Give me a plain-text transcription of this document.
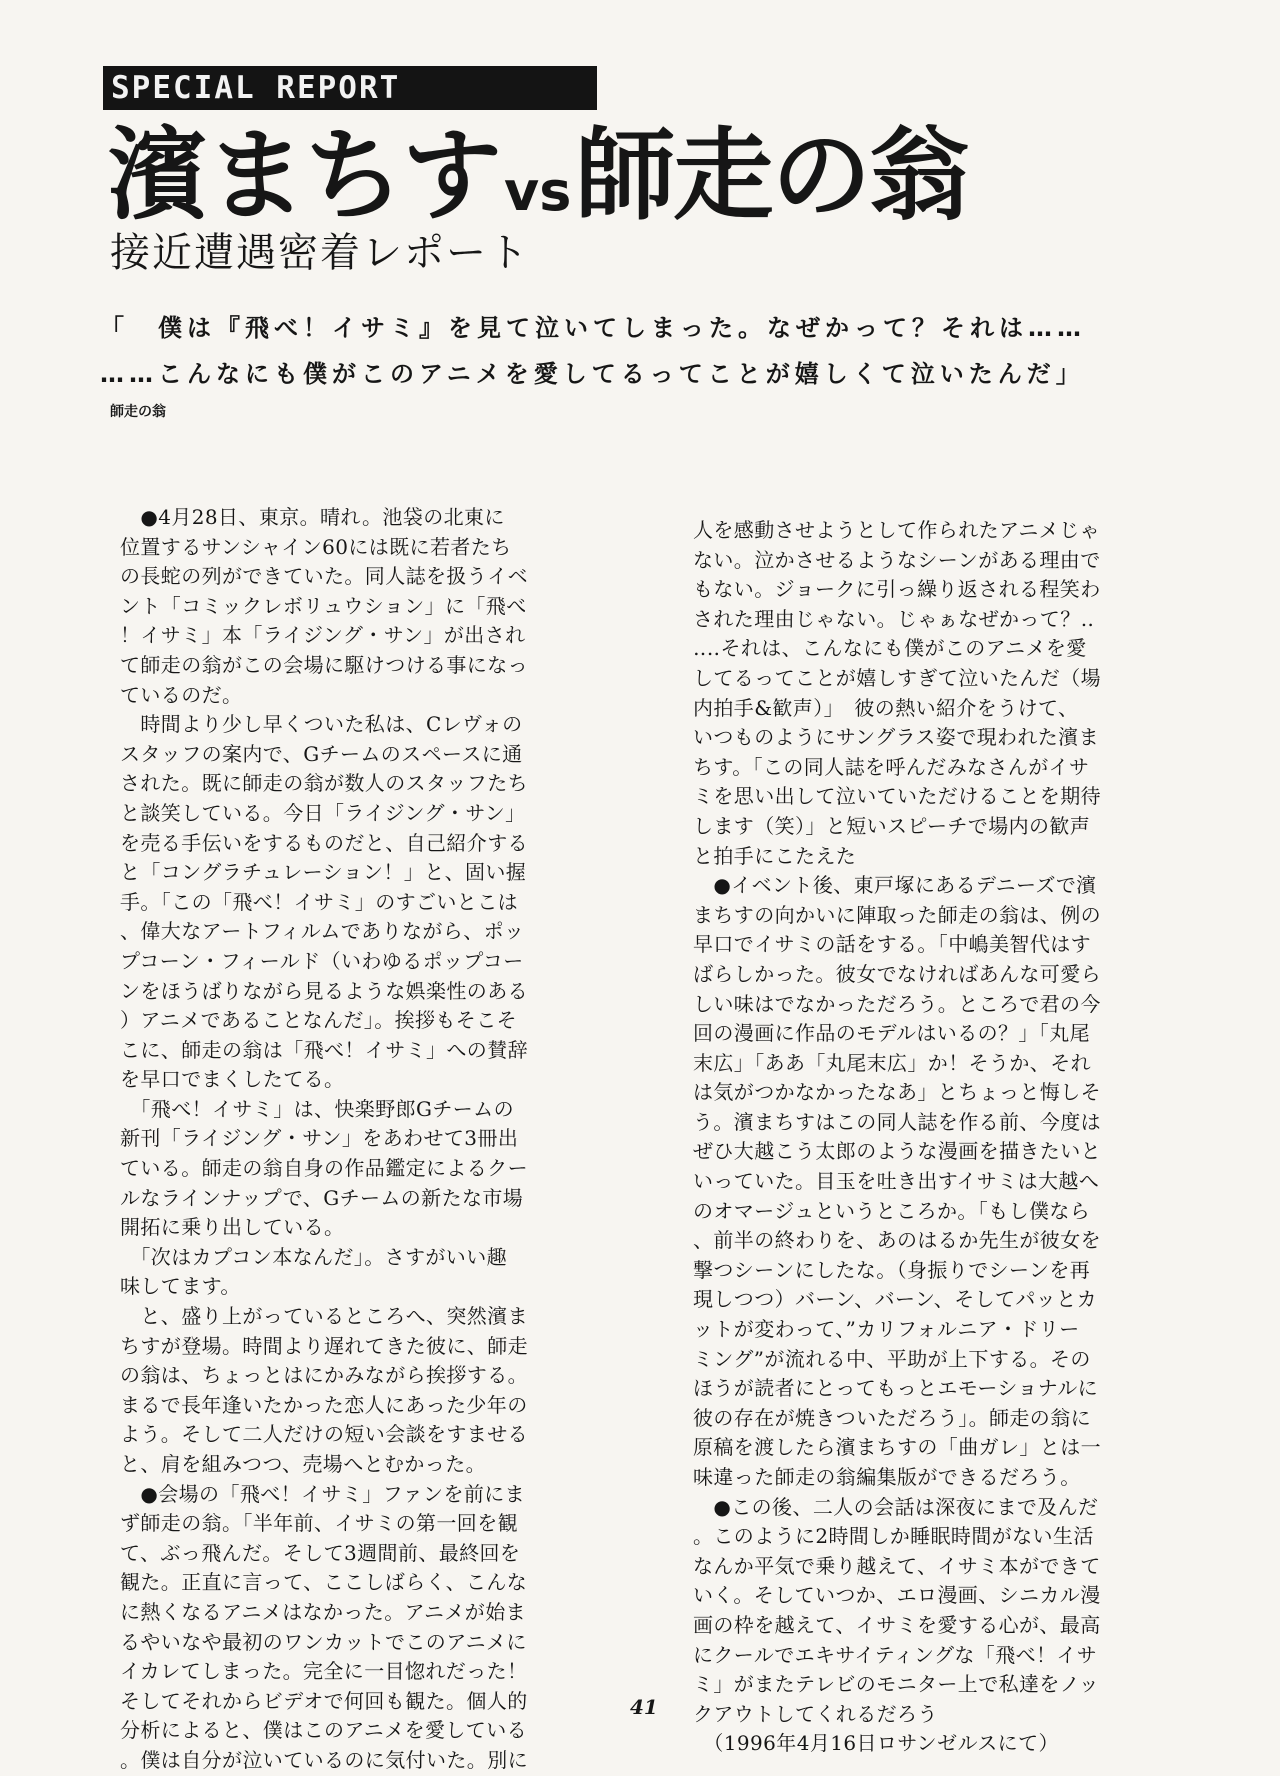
SPECIAL REPORT
濱まちすvs師走の翁
接近遭遇密着レポート
「　僕は『飛べ！イサミ』を見て泣いてしまった。なぜかって？それは……
……こんなにも僕がこのアニメを愛してるってことが嬉しくて泣いたんだ」
師走の翁
　●4月28日、東京。晴れ。池袋の北東に
位置するサンシャイン60には既に若者たち
の長蛇の列ができていた。同人誌を扱うイベ
ント「コミックレボリュウション」に「飛べ
！イサミ」本「ライジング・サン」が出され
て師走の翁がこの会場に駆けつける事になっ
ているのだ。
　時間より少し早くついた私は、Cレヴォの
スタッフの案内で、Gチームのスペースに通
された。既に師走の翁が数人のスタッフたち
と談笑している。今日「ライジング・サン」
を売る手伝いをするものだと、自己紹介する
と「コングラチュレーション！」と、固い握
手。「この「飛べ！イサミ」のすごいとこは
、偉大なアートフィルムでありながら、ポッ
プコーン・フィールド（いわゆるポップコー
ンをほうばりながら見るような娯楽性のある
）アニメであることなんだ」。挨拶もそこそ
こに、師走の翁は「飛べ！イサミ」への賛辞
を早口でまくしたてる。
　「飛べ！イサミ」は、快楽野郎Gチームの
新刊「ライジング・サン」をあわせて3冊出
ている。師走の翁自身の作品鑑定によるクー
ルなラインナップで、Gチームの新たな市場
開拓に乗り出している。
　「次はカプコン本なんだ」。さすがいい趣
味してます。
　と、盛り上がっているところへ、突然濱ま
ちすが登場。時間より遅れてきた彼に、師走
の翁は、ちょっとはにかみながら挨拶する。
まるで長年逢いたかった恋人にあった少年の
よう。そして二人だけの短い会談をすませる
と、肩を組みつつ、売場へとむかった。
　●会場の「飛べ！イサミ」ファンを前にま
ず師走の翁。「半年前、イサミの第一回を観
て、ぶっ飛んだ。そして3週間前、最終回を
観た。正直に言って、ここしばらく、こんな
に熱くなるアニメはなかった。アニメが始ま
るやいなや最初のワンカットでこのアニメに
イカレてしまった。完全に一目惚れだった！
そしてそれからビデオで何回も観た。個人的
分析によると、僕はこのアニメを愛している
。僕は自分が泣いているのに気付いた。別に
人を感動させようとして作られたアニメじゃ
ない。泣かさせるようなシーンがある理由で
もない。ジョークに引っ繰り返される程笑わ
された理由じゃない。じゃぁなぜかって？‥
‥‥それは、こんなにも僕がこのアニメを愛
してるってことが嬉しすぎて泣いたんだ（場
内拍手&歓声）」　彼の熱い紹介をうけて、
いつものようにサングラス姿で現われた濱ま
ちす。「この同人誌を呼んだみなさんがイサ
ミを思い出して泣いていただけることを期待
します（笑）」と短いスピーチで場内の歓声
と拍手にこたえた
　●イベント後、東戸塚にあるデニーズで濱
まちすの向かいに陣取った師走の翁は、例の
早口でイサミの話をする。「中嶋美智代はす
ばらしかった。彼女でなければあんな可愛ら
しい味はでなかっただろう。ところで君の今
回の漫画に作品のモデルはいるの？」「丸尾
末広」「ああ「丸尾末広」か！そうか、それ
は気がつかなかったなあ」とちょっと悔しそ
う。濱まちすはこの同人誌を作る前、今度は
ぜひ大越こう太郎のような漫画を描きたいと
いっていた。目玉を吐き出すイサミは大越へ
のオマージュというところか。「もし僕なら
、前半の終わりを、あのはるか先生が彼女を
撃つシーンにしたな。（身振りでシーンを再
現しつつ）バーン、バーン、そしてパッとカ
ットが変わって、”カリフォルニア・ドリー
ミング”が流れる中、平助が上下する。その
ほうが読者にとってもっとエモーショナルに
彼の存在が焼きついただろう」。師走の翁に
原稿を渡したら濱まちすの「曲ガレ」とは一
味違った師走の翁編集版ができるだろう。
　●この後、二人の会話は深夜にまで及んだ
。このように2時間しか睡眠時間がない生活
なんか平気で乗り越えて、イサミ本ができて
いく。そしていつか、エロ漫画、シニカル漫
画の枠を越えて、イサミを愛する心が、最高
にクールでエキサイティングな「飛べ！イサ
ミ」がまたテレビのモニター上で私達をノッ
クアウトしてくれるだろう
　（1996年4月16日ロサンゼルスにて）
41
